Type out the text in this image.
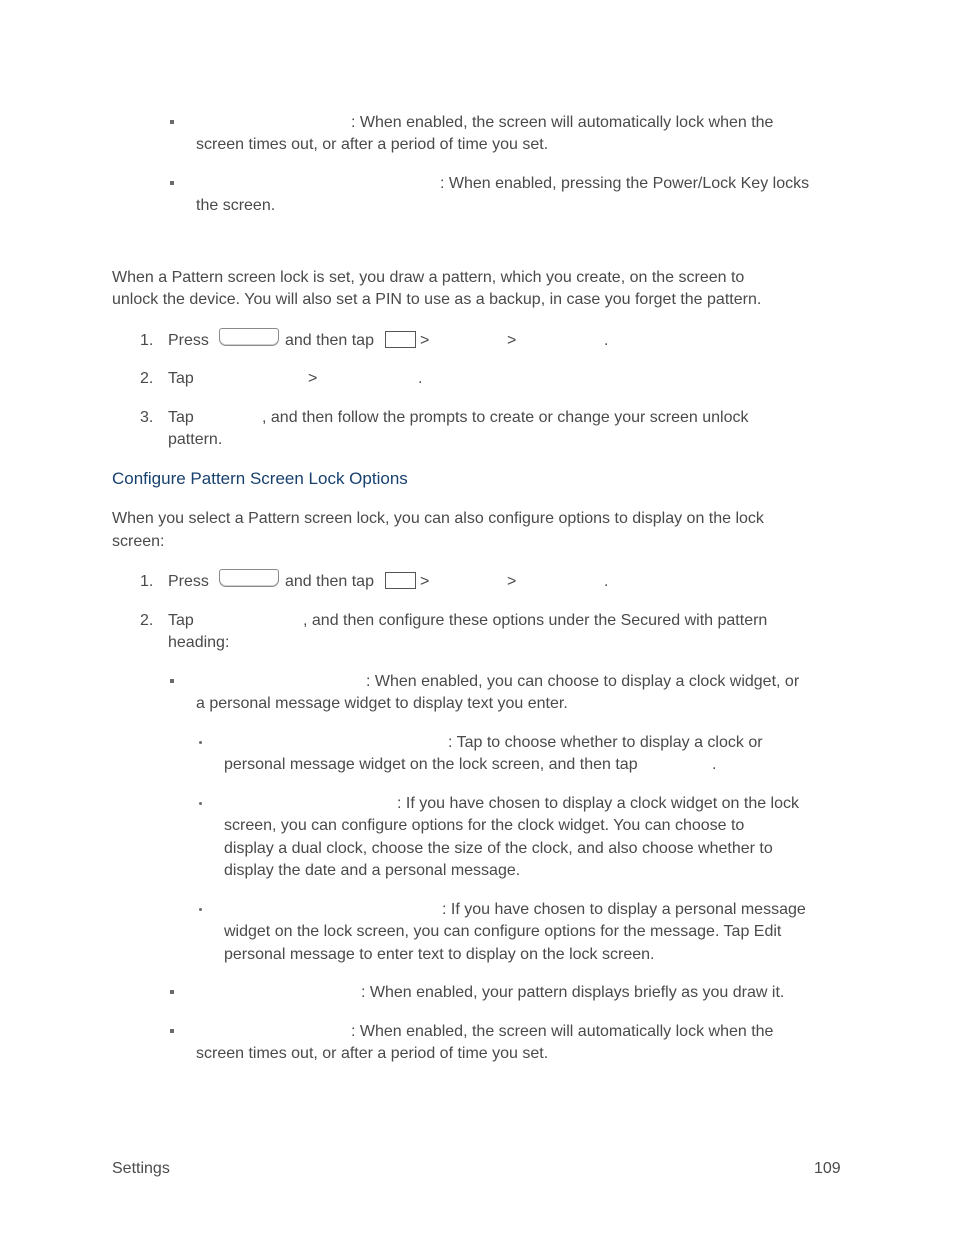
: When enabled, the screen will automatically lock when the
screen times out, or after a period of time you set.
: When enabled, pressing the Power/Lock Key locks
the screen.
When a Pattern screen lock is set, you draw a pattern, which you create, on the screen to
unlock the device. You will also set a PIN to use as a backup, in case you forget the pattern.
1. Press	and then tap	>	>	.
2. Tap	>	.
3. Tap	, and then follow the prompts to create or change your screen unlock
pattern.
Configure Pattern Screen Lock Options
When you select a Pattern screen lock, you can also configure options to display on the lock
screen:
1. Press	and then tap	>	>	.
2. Tap	, and then configure these options under the Secured with pattern
heading:
: When enabled, you can choose to display a clock widget, or
a personal message widget to display text you enter.
: Tap to choose whether to display a clock or
personal message widget on the lock screen, and then tap	.
: If you have chosen to display a clock widget on the lock
screen, you can configure options for the clock widget. You can choose to
display a dual clock, choose the size of the clock, and also choose whether to
display the date and a personal message.
: If you have chosen to display a personal message
widget on the lock screen, you can configure options for the message. Tap Edit
personal message to enter text to display on the lock screen.
: When enabled, your pattern displays briefly as you draw it.
: When enabled, the screen will automatically lock when the
screen times out, or after a period of time you set.
Settings	109
